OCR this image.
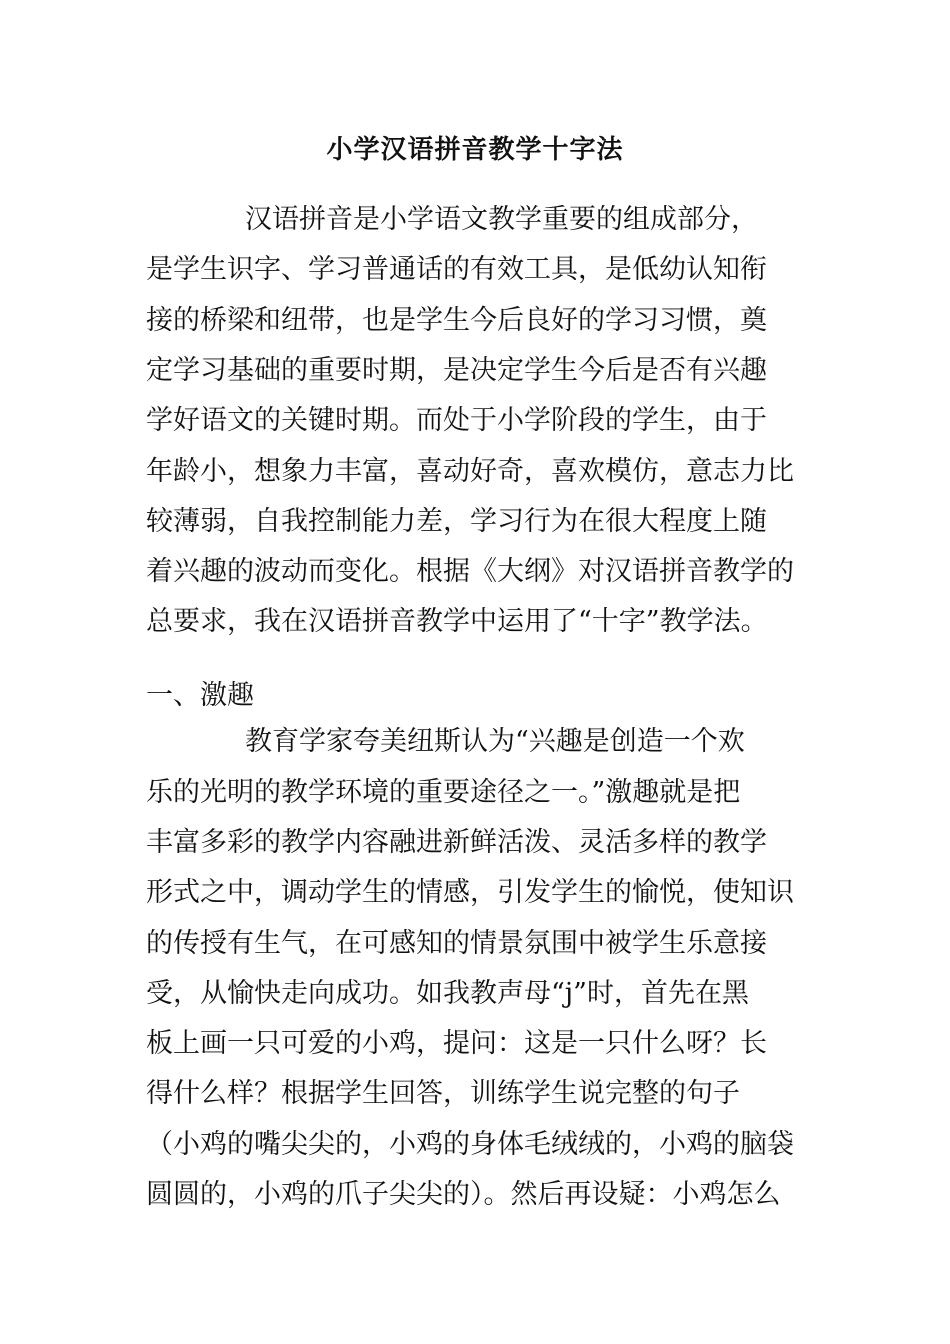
小学汉语拼音教学十字法
汉语拼音是小学语文教学重要的组成部分，
是学生识字、学习普通话的有效工具，是低幼认知衔
接的桥梁和纽带，也是学生今后良好的学习习惯，奠
定学习基础的重要时期，是决定学生今后是否有兴趣
学好语文的关键时期。而处于小学阶段的学生，由于
年龄小，想象力丰富，喜动好奇，喜欢模仿，意志力比
较薄弱，自我控制能力差，学习行为在很大程度上随
着兴趣的波动而变化。根据《大纲》对汉语拼音教学的
总要求，我在汉语拼音教学中运用了“十字”教学法。
一、激趣
教育学家夸美纽斯认为“兴趣是创造一个欢
乐的光明的教学环境的重要途径之一。”激趣就是把
丰富多彩的教学内容融进新鲜活泼、灵活多样的教学
形式之中，调动学生的情感，引发学生的愉悦，使知识
的传授有生气，在可感知的情景氛围中被学生乐意接
受，从愉快走向成功。如我教声母“j”时，首先在黑
板上画一只可爱的小鸡，提问：这是一只什么呀？长
得什么样？根据学生回答，训练学生说完整的句子
（小鸡的嘴尖尖的，小鸡的身体毛绒绒的，小鸡的脑袋
圆圆的，小鸡的爪子尖尖的）。然后再设疑：小鸡怎么
